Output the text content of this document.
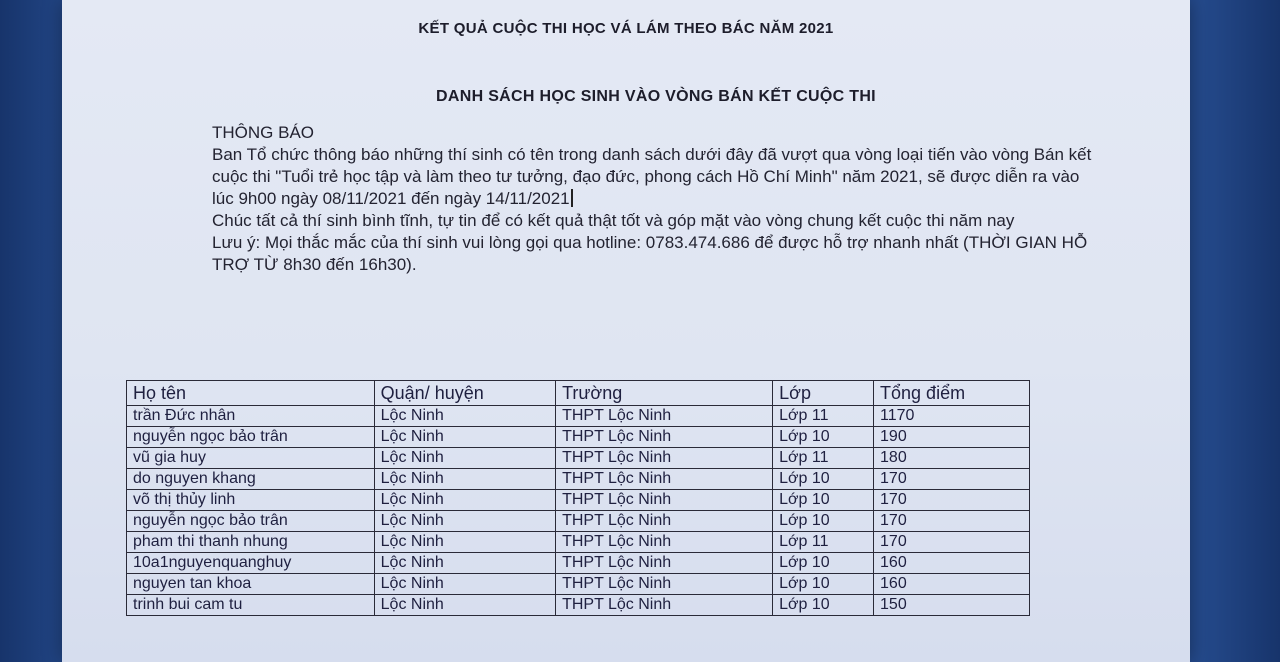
KẾT QUẢ CUỘC THI HỌC VÁ LÁM THEO BÁC NĂM 2021
DANH SÁCH HỌC SINH VÀO VÒNG BÁN KẾT CUỘC THI

THÔNG BÁO

Ban Tổ chức thông báo những thí sinh có tên trong danh sách dưới đây đã vượt qua vòng loại tiến vào vòng Bán kết cuộc thi "Tuổi trẻ học tập và làm theo tư tưởng, đạo đức, phong cách Hồ Chí Minh" năm 2021, sẽ được diễn ra vào lúc 9h00 ngày 08/11/2021 đến ngày 14/11/2021

Chúc tất cả thí sinh bình tĩnh, tự tin để có kết quả thật tốt và góp mặt vào vòng chung kết cuộc thi năm nay

Lưu ý: Mọi thắc mắc của thí sinh vui lòng gọi qua hotline: 0783.474.686 để được hỗ trợ nhanh nhất (THỜI GIAN HỖ TRỢ TỪ 8h30 đến 16h30).

Họ tên	Quận/ huyện	Trường	Lớp	Tổng điểm
trần Đức nhân	Lộc Ninh	THPT Lộc Ninh	Lớp 11	1170
nguyễn ngọc bảo trân	Lộc Ninh	THPT Lộc Ninh	Lớp 10	190
vũ gia huy	Lộc Ninh	THPT Lộc Ninh	Lớp 11	180
do nguyen khang	Lộc Ninh	THPT Lộc Ninh	Lớp 10	170
võ thị thủy linh	Lộc Ninh	THPT Lộc Ninh	Lớp 10	170
nguyễn ngọc bảo trân	Lộc Ninh	THPT Lộc Ninh	Lớp 10	170
pham thi thanh nhung	Lộc Ninh	THPT Lộc Ninh	Lớp 11	170
10a1nguyenquanghuy	Lộc Ninh	THPT Lộc Ninh	Lớp 10	160
nguyen tan khoa	Lộc Ninh	THPT Lộc Ninh	Lớp 10	160
trinh bui cam tu	Lộc Ninh	THPT Lộc Ninh	Lớp 10	150
